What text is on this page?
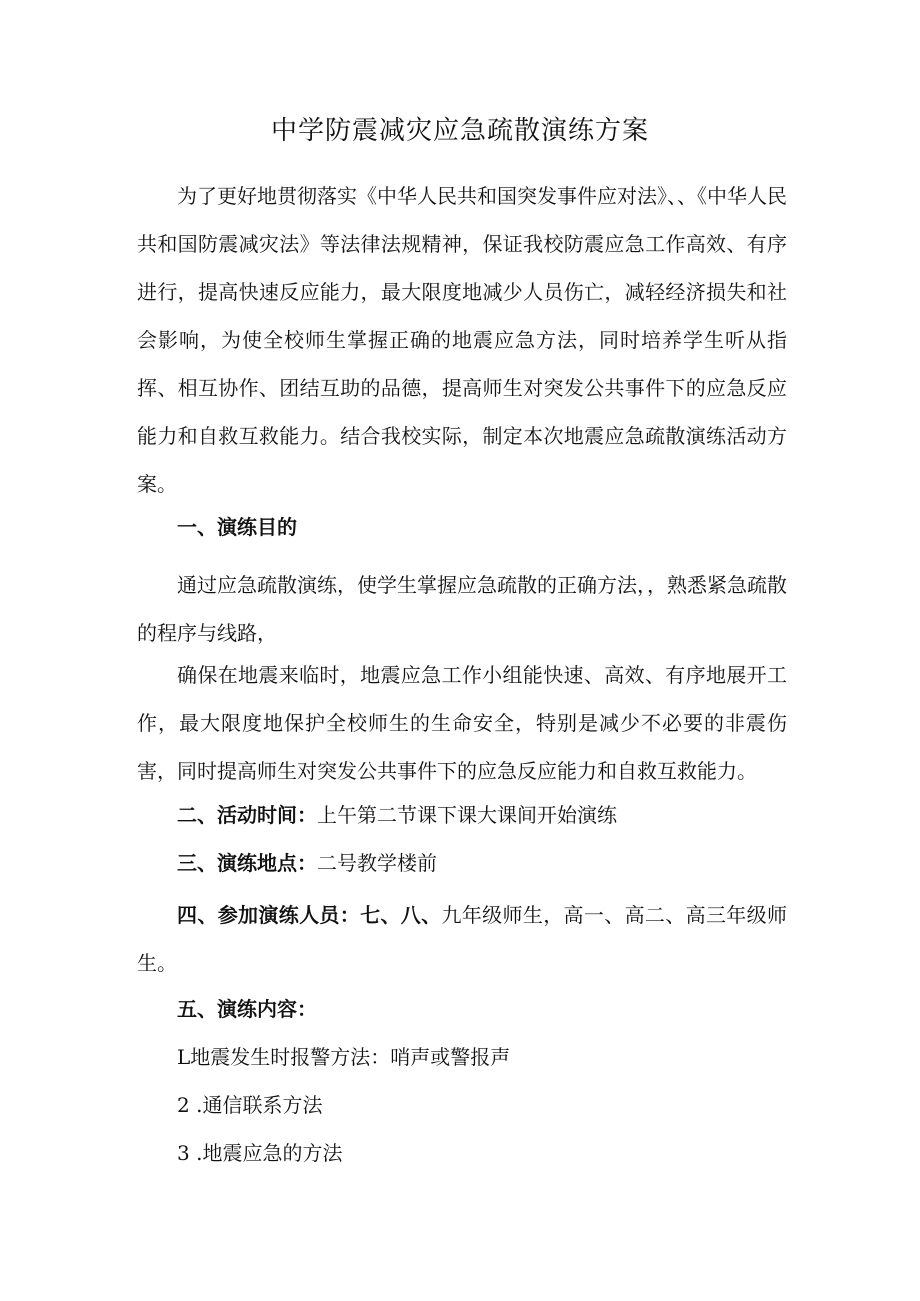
中学防震减灾应急疏散演练方案

为了更好地贯彻落实《中华人民共和国突发事件应对法》、、《中华人民共和国防震减灾法》等法律法规精神，保证我校防震应急工作高效、有序进行，提高快速反应能力，最大限度地减少人员伤亡，减轻经济损失和社会影响，为使全校师生掌握正确的地震应急方法，同时培养学生听从指挥、相互协作、团结互助的品德，提高师生对突发公共事件下的应急反应能力和自救互救能力。结合我校实际，制定本次地震应急疏散演练活动方案。

一、演练目的

通过应急疏散演练，使学生掌握应急疏散的正确方法，，熟悉紧急疏散的程序与线路，

确保在地震来临时，地震应急工作小组能快速、高效、有序地展开工作，最大限度地保护全校师生的生命安全，特别是减少不必要的非震伤害，同时提高师生对突发公共事件下的应急反应能力和自救互救能力。

二、活动时间：上午第二节课下课大课间开始演练

三、演练地点：二号教学楼前

四、参加演练人员：七、八、九年级师生，高一、高二、高三年级师生。

五、演练内容：

L地震发生时报警方法：哨声或警报声

2 .通信联系方法

3 .地震应急的方法
